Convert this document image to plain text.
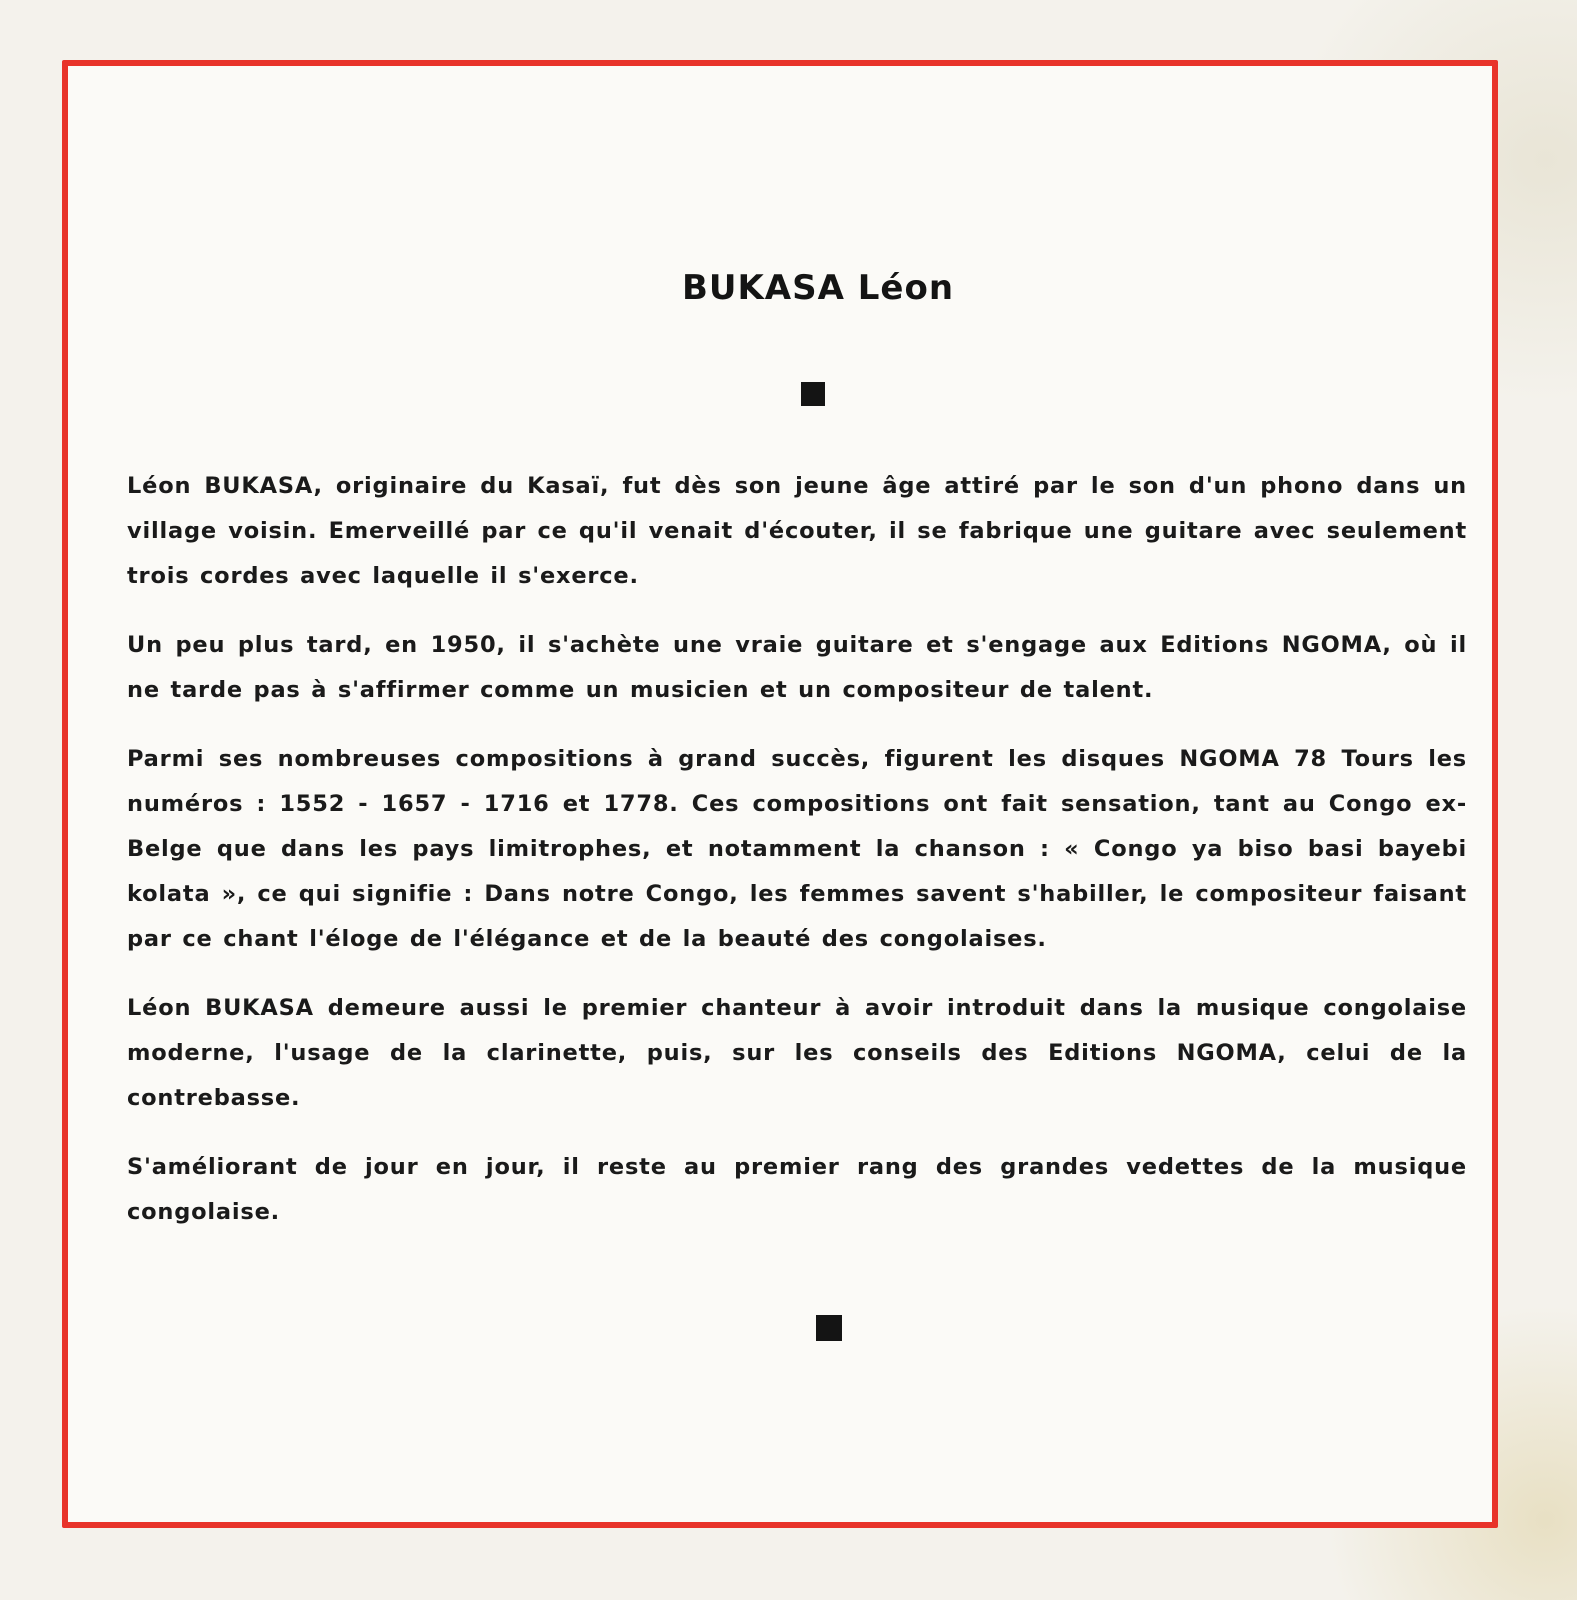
BUKASA Léon

Léon BUKASA, originaire du Kasaï, fut dès son jeune âge attiré par le son d'un phono dans un village voisin. Emerveillé par ce qu'il venait d'écouter, il se fabrique une guitare avec seulement trois cordes avec laquelle il s'exerce.

Un peu plus tard, en 1950, il s'achète une vraie guitare et s'engage aux Editions NGOMA, où il ne tarde pas à s'affirmer comme un musicien et un compositeur de talent.

Parmi ses nombreuses compositions à grand succès, figurent les disques NGOMA 78 Tours les numéros : 1552 - 1657 - 1716 et 1778. Ces compositions ont fait sensation, tant au Congo ex-Belge que dans les pays limitrophes, et notamment la chanson : « Congo ya biso basi bayebi kolata », ce qui signifie : Dans notre Congo, les femmes savent s'habiller, le compositeur faisant par ce chant l'éloge de l'élégance et de la beauté des congolaises.

Léon BUKASA demeure aussi le premier chanteur à avoir introduit dans la musique congolaise moderne, l'usage de la clarinette, puis, sur les conseils des Editions NGOMA, celui de la contrebasse.

S'améliorant de jour en jour, il reste au premier rang des grandes vedettes de la musique congolaise.
